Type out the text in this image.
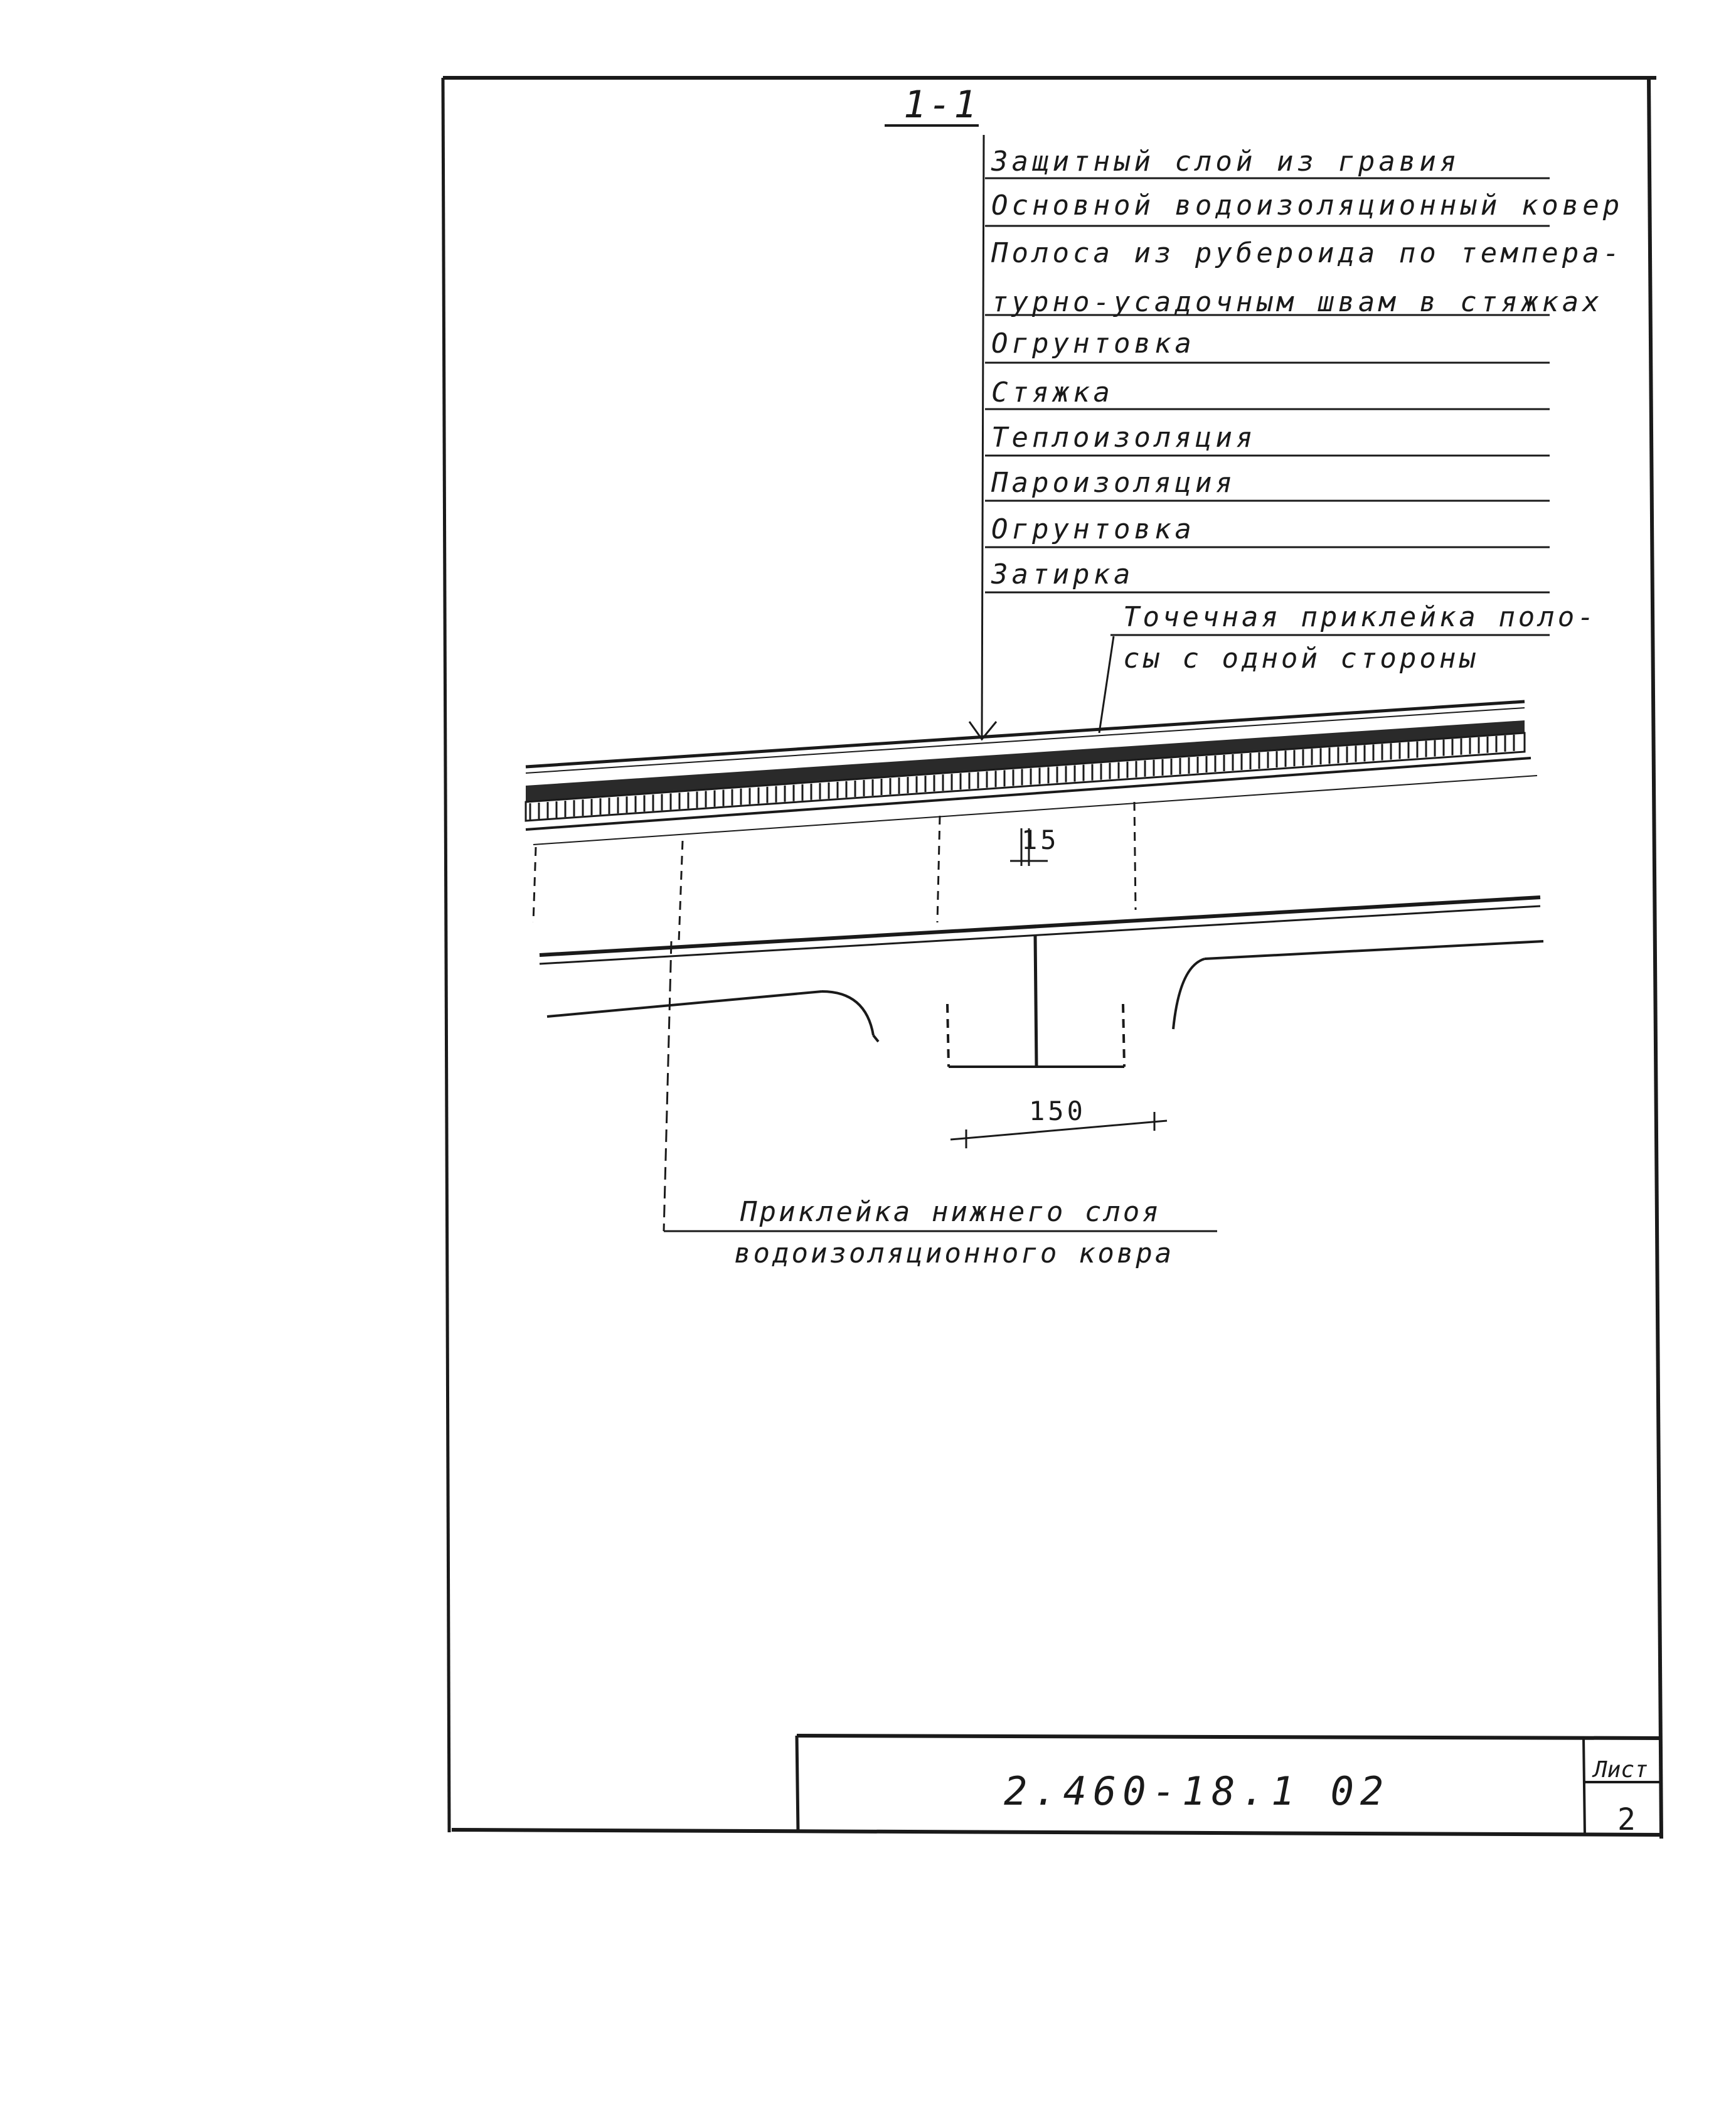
1-1
Защитный слой из гравия
Основной водоизоляционный ковер
Полоса из рубероида по темпера-
турно-усадочным швам в стяжках
Огрунтовка
Стяжка
Теплоизоляция
Пароизоляция
Огрунтовка
Затирка
Точечная приклейка поло-
сы с одной стороны
Приклейка нижнего слоя
водоизоляционного ковра
15
150
2.460-18.1 02	Лист
2
